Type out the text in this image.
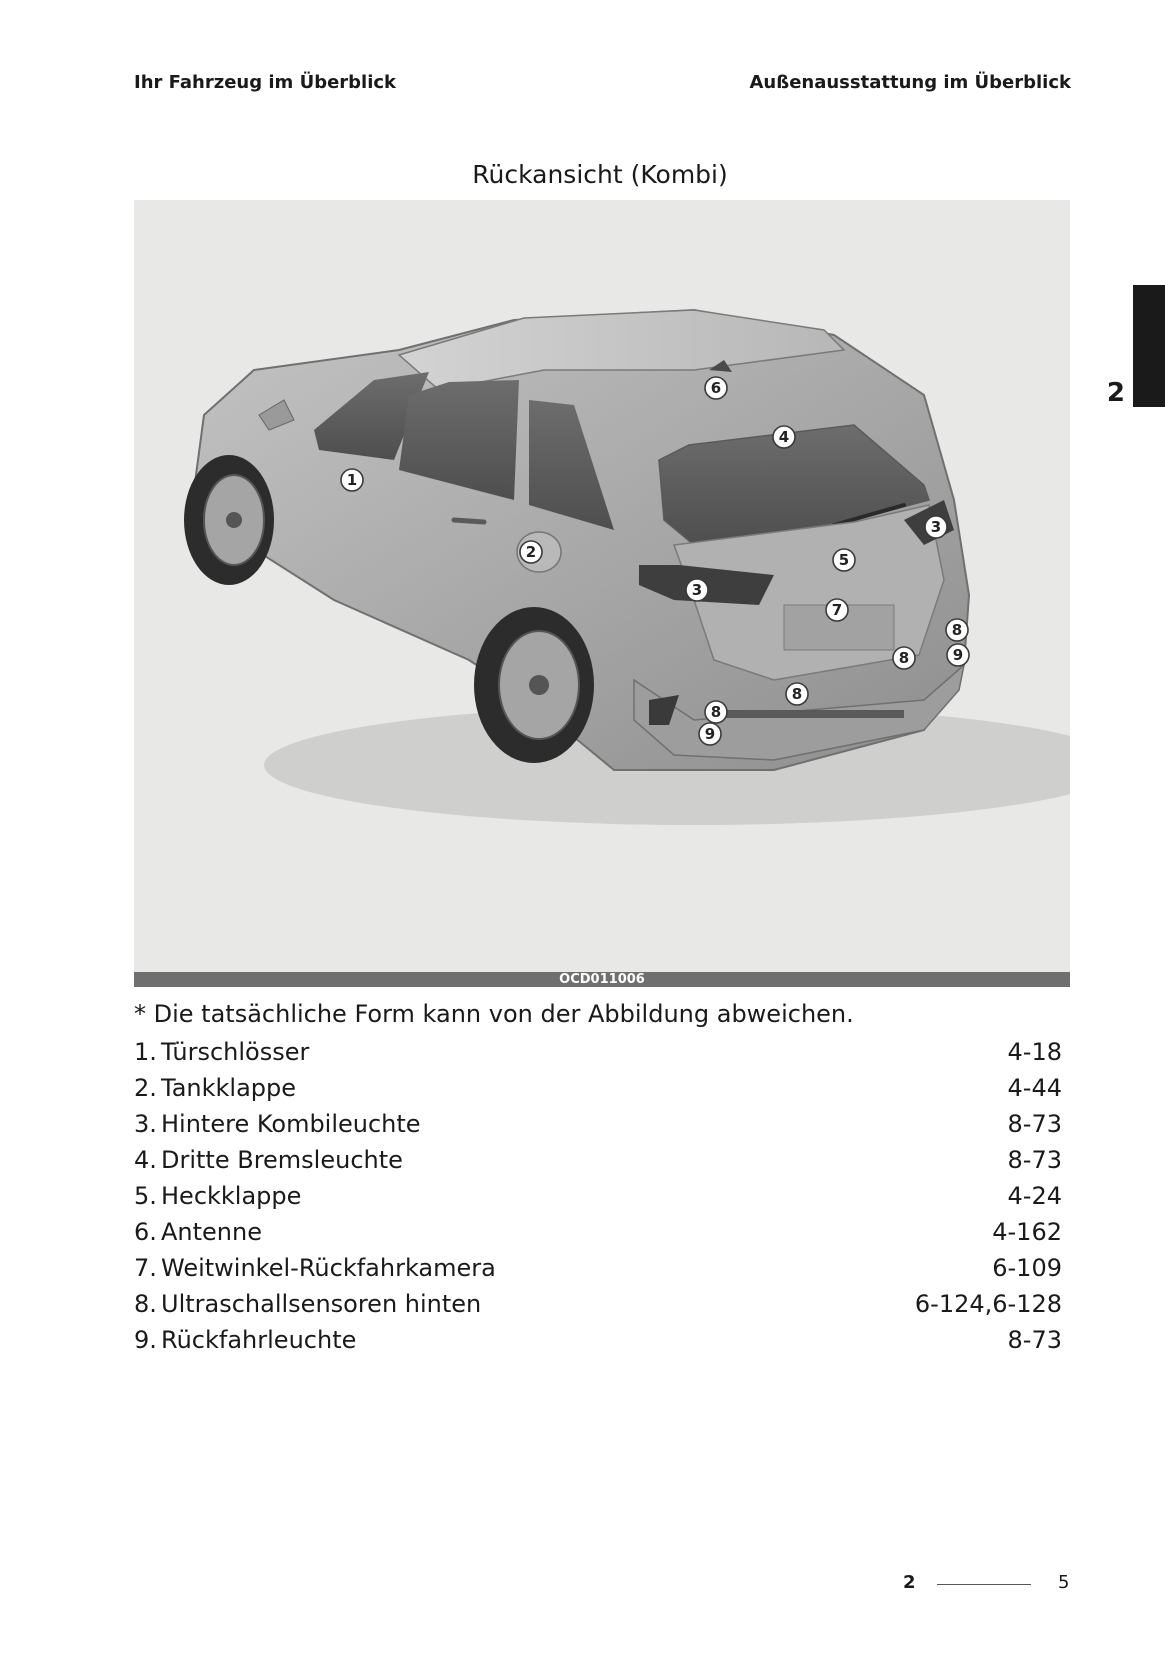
Ihr Fahrzeug im Überblick	Außenausstattung im Überblick
2
Rückansicht (Kombi)
1
2
3
3
4
5
6
7
8
8
8
8
9
9
OCD011006

* Die tatsächliche Form kann von der Abbildung abweichen.

1. Türschlösser	4-18
2. Tankklappe	4-44
3. Hintere Kombileuchte	8-73
4. Dritte Bremsleuchte	8-73
5. Heckklappe	4-24
6. Antenne	4-162
7. Weitwinkel-Rückfahrkamera	6-109
8. Ultraschallsensoren hinten	6-124,6-128
9. Rückfahrleuchte	8-73
2	5
